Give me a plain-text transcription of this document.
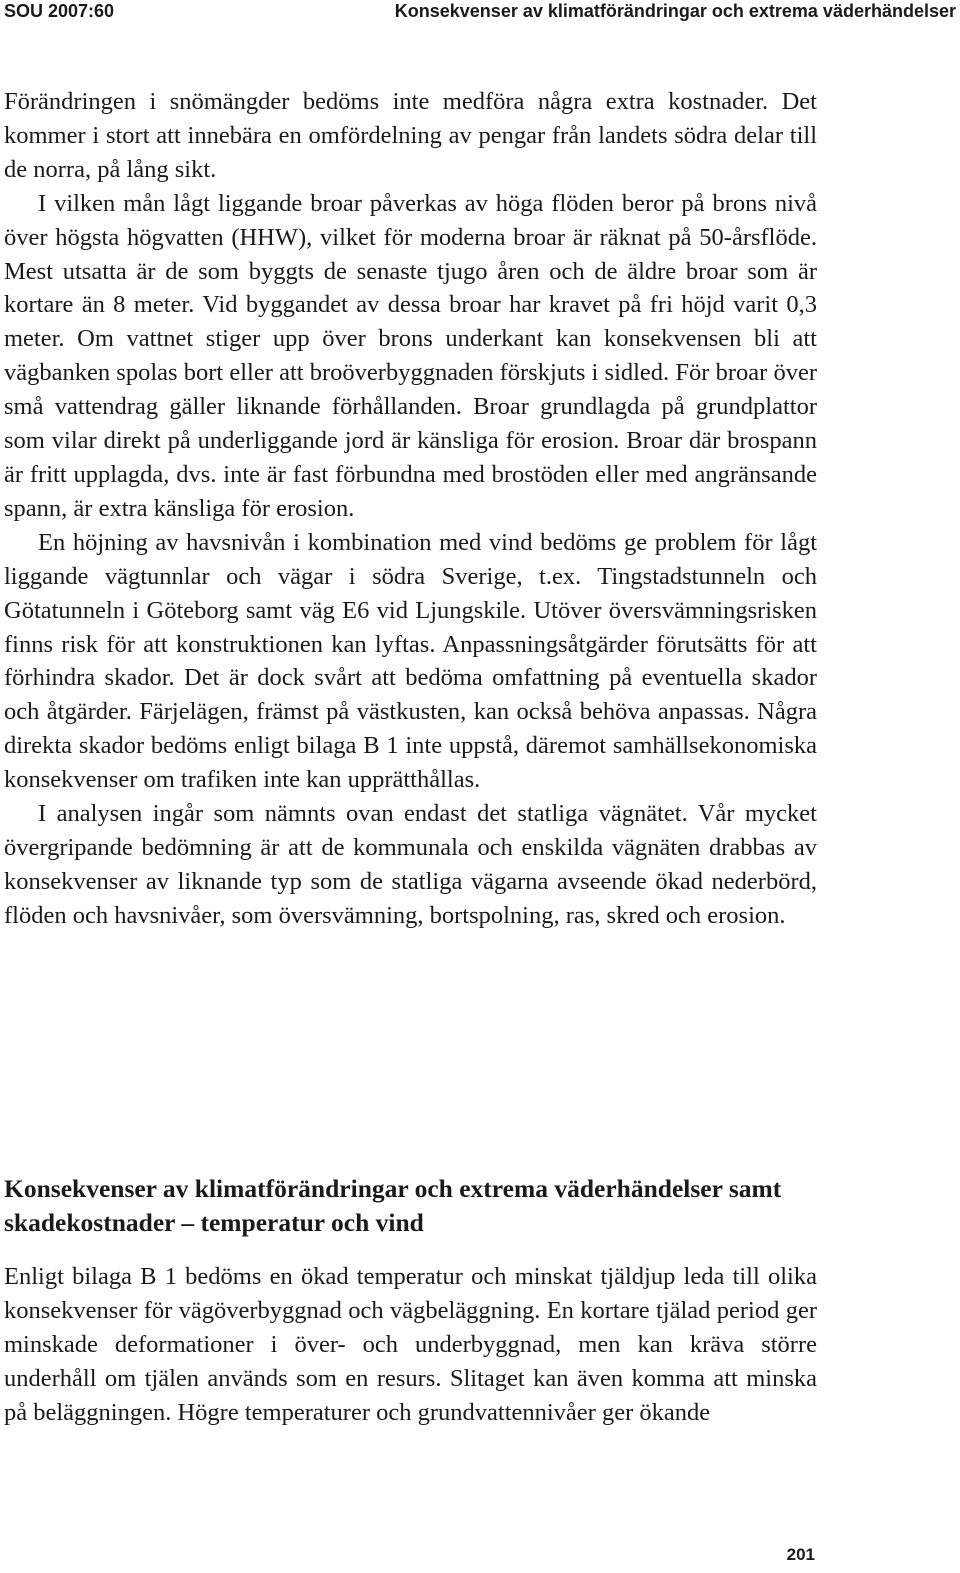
SOU 2007:60	Konsekvenser av klimatförändringar och extrema väderhändelser

Förändringen i snömängder bedöms inte medföra några extra kostnader. Det kommer i stort att innebära en omfördelning av pengar från landets södra delar till de norra, på lång sikt.

I vilken mån lågt liggande broar påverkas av höga flöden beror på brons nivå över högsta högvatten (HHW), vilket för moderna broar är räknat på 50-årsflöde. Mest utsatta är de som byggts de senaste tjugo åren och de äldre broar som är kortare än 8 meter. Vid byggandet av dessa broar har kravet på fri höjd varit 0,3 meter. Om vattnet stiger upp över brons underkant kan konsekvensen bli att vägbanken spolas bort eller att broöverbyggnaden förskjuts i sidled. För broar över små vattendrag gäller liknande förhållanden. Broar grundlagda på grundplattor som vilar direkt på underliggande jord är känsliga för erosion. Broar där brospann är fritt upplagda, dvs. inte är fast förbundna med brostöden eller med angränsande spann, är extra känsliga för erosion.

En höjning av havsnivån i kombination med vind bedöms ge problem för lågt liggande vägtunnlar och vägar i södra Sverige, t.ex. Tingstadstunneln och Götatunneln i Göteborg samt väg E6 vid Ljungskile. Utöver översvämningsrisken finns risk för att konstruktionen kan lyftas. Anpassningsåtgärder förutsätts för att förhindra skador. Det är dock svårt att bedöma omfattning på eventuella skador och åtgärder. Färjelägen, främst på västkusten, kan också behöva anpassas. Några direkta skador bedöms enligt bilaga B 1 inte uppstå, däremot samhällsekonomiska konsekvenser om trafiken inte kan upprätthållas.

I analysen ingår som nämnts ovan endast det statliga vägnätet. Vår mycket övergripande bedömning är att de kommunala och enskilda vägnäten drabbas av konsekvenser av liknande typ som de statliga vägarna avseende ökad nederbörd, flöden och havsnivåer, som översvämning, bortspolning, ras, skred och erosion.

Konsekvenser av klimatförändringar och extrema väderhändelser samt skadekostnader – temperatur och vind

Enligt bilaga B 1 bedöms en ökad temperatur och minskat tjäldjup leda till olika konsekvenser för vägöverbyggnad och vägbeläggning. En kortare tjälad period ger minskade deformationer i över- och underbyggnad, men kan kräva större underhåll om tjälen används som en resurs. Slitaget kan även komma att minska på beläggningen. Högre temperaturer och grundvattennivåer ger ökande

201
